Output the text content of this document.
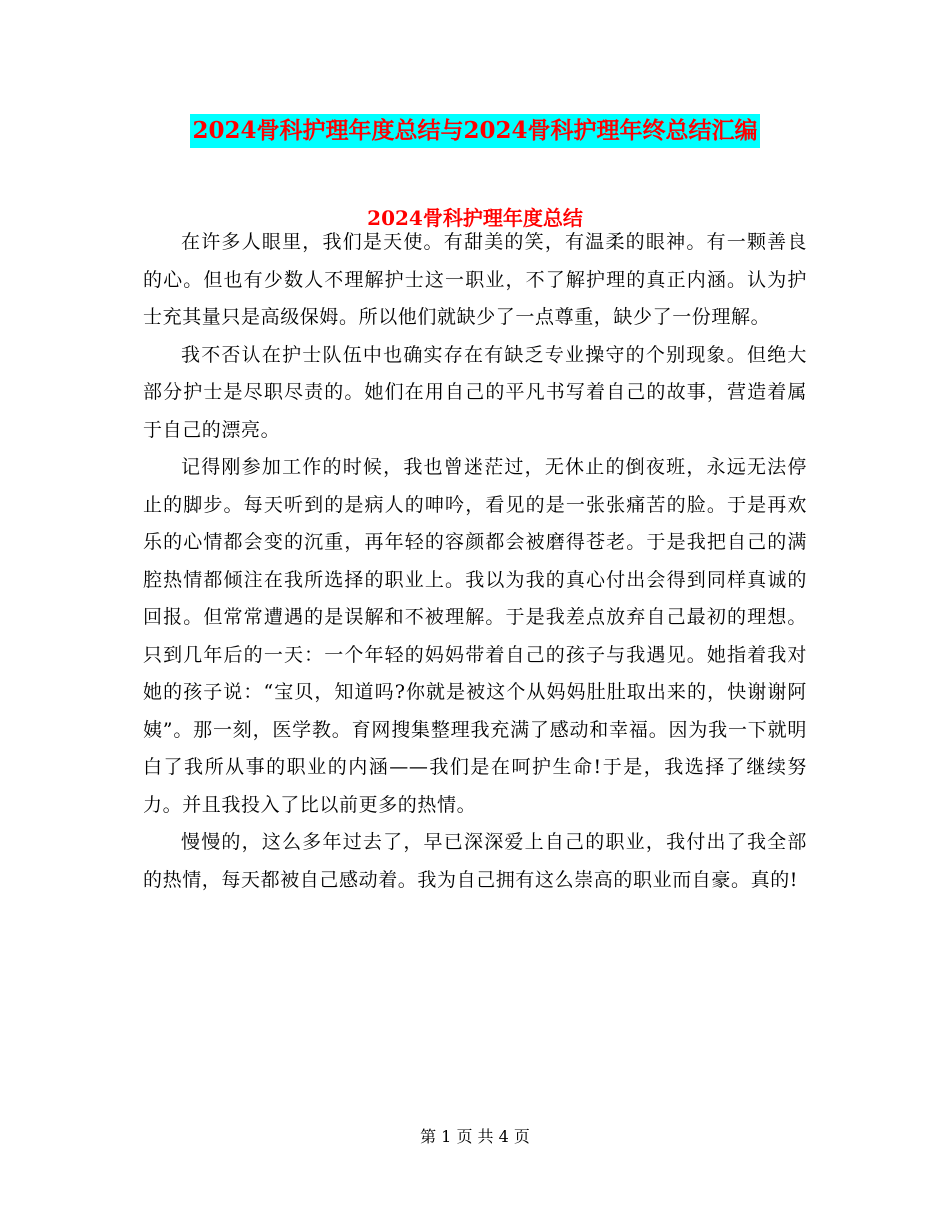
2024骨科护理年度总结与2024骨科护理年终总结汇编
2024骨科护理年度总结

在许多人眼里，我们是天使。有甜美的笑，有温柔的眼神。有一颗善良的心。但也有少数人不理解护士这一职业，不了解护理的真正内涵。认为护士充其量只是高级保姆。所以他们就缺少了一点尊重，缺少了一份理解。

我不否认在护士队伍中也确实存在有缺乏专业操守的个别现象。但绝大部分护士是尽职尽责的。她们在用自己的平凡书写着自己的故事，营造着属于自己的漂亮。

记得刚参加工作的时候，我也曾迷茫过，无休止的倒夜班，永远无法停止的脚步。每天听到的是病人的呻吟，看见的是一张张痛苦的脸。于是再欢乐的心情都会变的沉重，再年轻的容颜都会被磨得苍老。于是我把自己的满腔热情都倾注在我所选择的职业上。我以为我的真心付出会得到同样真诚的回报。但常常遭遇的是误解和不被理解。于是我差点放弃自己最初的理想。只到几年后的一天：一个年轻的妈妈带着自己的孩子与我遇见。她指着我对她的孩子说：“宝贝，知道吗?你就是被这个从妈妈肚肚取出来的，快谢谢阿姨”。那一刻，医学教。育网搜集整理我充满了感动和幸福。因为我一下就明白了我所从事的职业的内涵——我们是在呵护生命!于是，我选择了继续努力。并且我投入了比以前更多的热情。

慢慢的，这么多年过去了，早已深深爱上自己的职业，我付出了我全部的热情，每天都被自己感动着。我为自己拥有这么崇高的职业而自豪。真的!

第 1 页 共 4 页
